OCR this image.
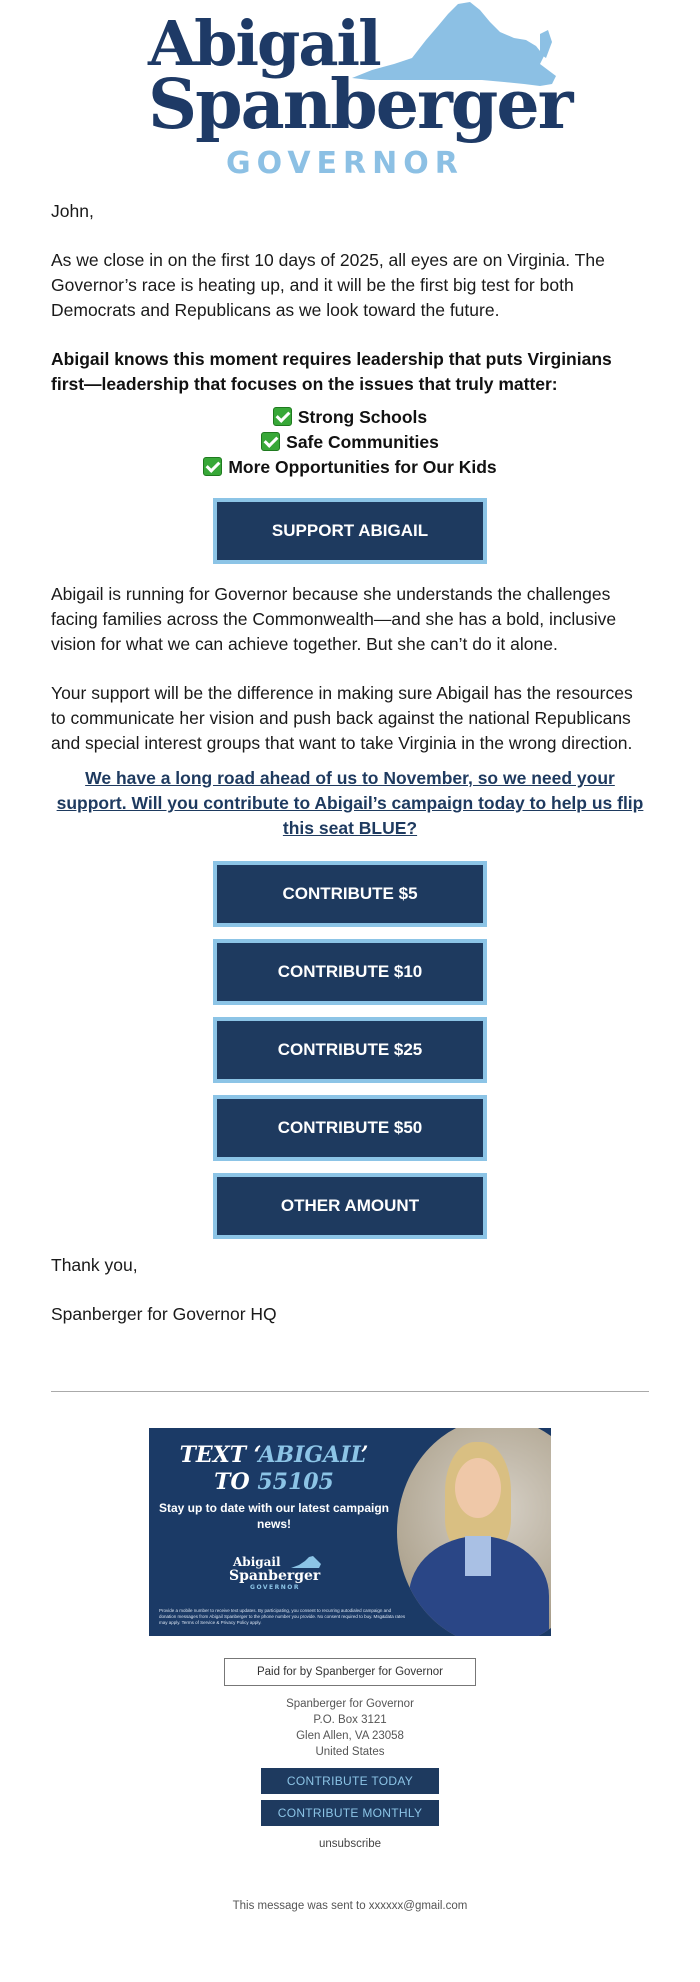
Abigail
Spanberger
GOVERNOR

John,

As we close in on the first 10 days of 2025, all eyes are on Virginia. The Governor’s race is heating up, and it will be the first big test for both Democrats and Republicans as we look toward the future.

Abigail knows this moment requires leadership that puts Virginians first—leadership that focuses on the issues that truly matter:

Strong Schools
Safe Communities
More Opportunities for Our Kids
SUPPORT ABIGAIL

Abigail is running for Governor because she understands the challenges facing families across the Commonwealth—and she has a bold, inclusive vision for what we can achieve together. But she can’t do it alone.

Your support will be the difference in making sure Abigail has the resources to communicate her vision and push back against the national Republicans and special interest groups that want to take Virginia in the wrong direction.

We have a long road ahead of us to November, so we need your support. Will you contribute to Abigail’s campaign today to help us flip this seat BLUE?
CONTRIBUTE $5
CONTRIBUTE $10
CONTRIBUTE $25
CONTRIBUTE $50
OTHER AMOUNT

Thank you,

Spanberger for Governor HQ

TEXT ‘ABIGAIL’
TO 55105
Stay up to date with our latest campaign news!
Abigail
Spanberger
GOVERNOR
Provide a mobile number to receive text updates. By participating, you consent to recurring autodialed campaign and donation messages from Abigail Spanberger to the phone number you provide. No consent required to buy. Msg&data rates may apply. Terms of Service & Privacy Policy apply.
Paid for by Spanberger for Governor
Spanberger for Governor
P.O. Box 3121
Glen Allen, VA 23058
United States
CONTRIBUTE TODAY
CONTRIBUTE MONTHLY
unsubscribe
This message was sent to xxxxxx@gmail.com
